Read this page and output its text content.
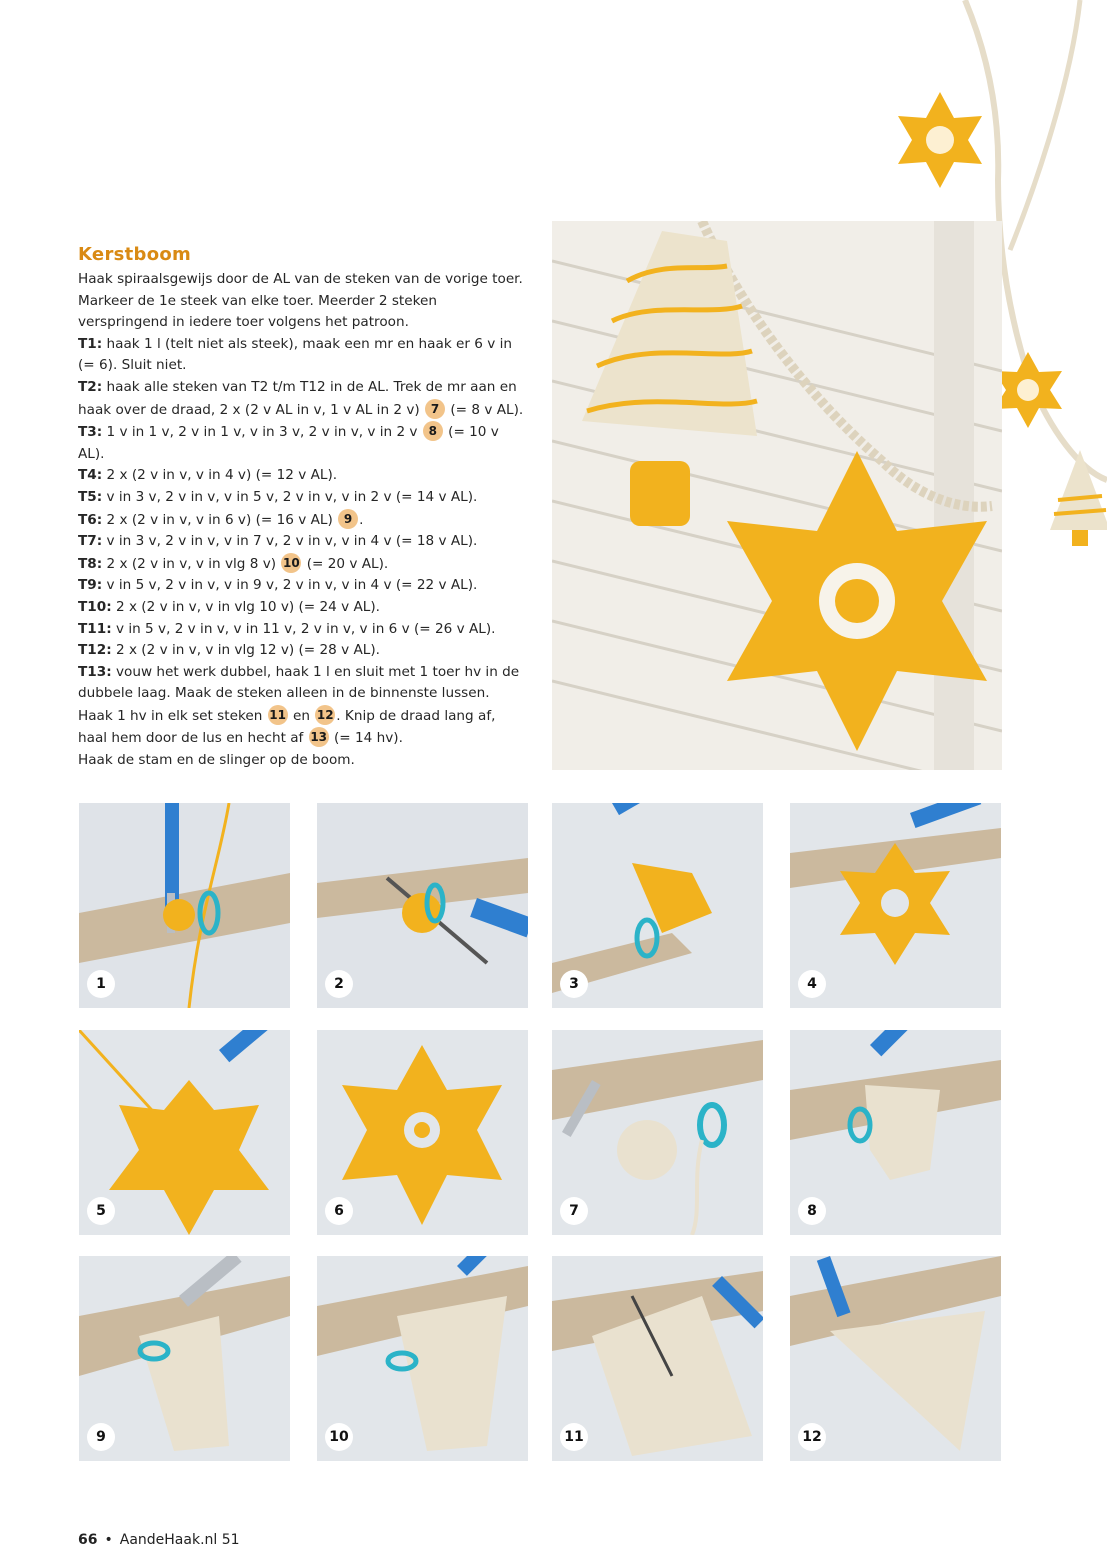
Kerstboom

Haak spiraalsgewijs door de AL van de steken van de vorige toer. Markeer de 1e steek van elke toer. Meerder 2 steken verspringend in iedere toer volgens het patroon.

T1: haak 1 l (telt niet als steek), maak een mr en haak er 6 v in (= 6). Sluit niet.

T2: haak alle steken van T2 t/m T12 in de AL. Trek de mr aan en haak over de draad, 2 x (2 v AL in v, 1 v AL in 2 v) 7 (= 8 v AL).

T3: 1 v in 1 v, 2 v in 1 v, v in 3 v, 2 v in v, v in 2 v 8 (= 10 v AL).

T4: 2 x (2 v in v, v in 4 v) (= 12 v AL).

T5: v in 3 v, 2 v in v, v in 5 v, 2 v in v, v in 2 v (= 14 v AL).

T6: 2 x (2 v in v, v in 6 v) (= 16 v AL) 9 .

T7: v in 3 v, 2 v in v, v in 7 v, 2 v in v, v in 4 v (= 18 v AL).

T8: 2 x (2 v in v, v in vlg 8 v) 10 (= 20 v AL).

T9: v in 5 v, 2 v in v, v in 9 v, 2 v in v, v in 4 v (= 22 v AL).

T10: 2 x (2 v in v, v in vlg 10 v) (= 24 v AL).

T11: v in 5 v, 2 v in v, v in 11 v, 2 v in v, v in 6 v (= 26 v AL).

T12: 2 x (2 v in v, v in vlg 12 v) (= 28 v AL).

T13: vouw het werk dubbel, haak 1 l en sluit met 1 toer hv in de dubbele laag. Maak de steken alleen in de binnenste lussen. Haak 1 hv in elk set steken 11 en 12 . Knip de draad lang af, haal hem door de lus en hecht af 13 (= 14 hv).

Haak de stam en de slinger op de boom.

1	2	3	4
5	6	7	8
9	10	11	12
66 • AandeHaak.nl 51
